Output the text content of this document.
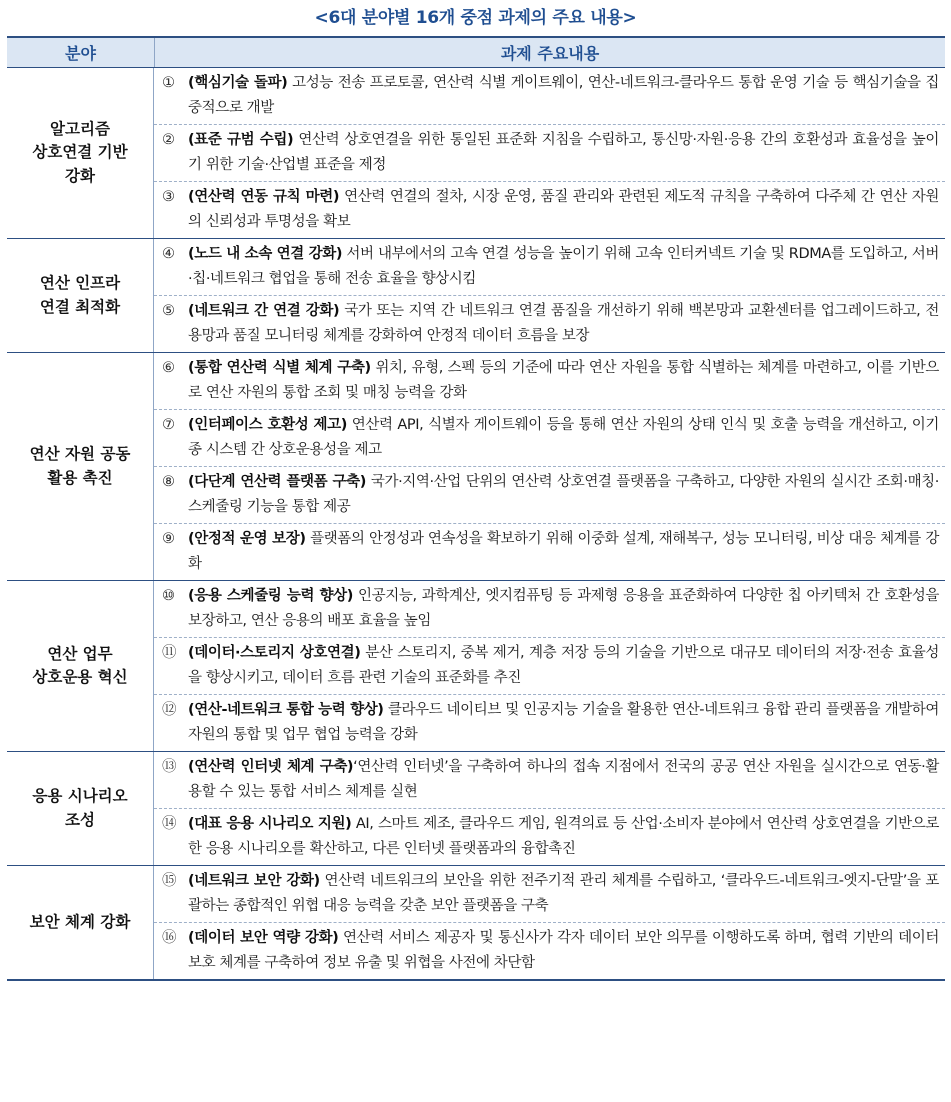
<6대 분야별 16개 중점 과제의 주요 내용>
분야	과제 주요내용
알고리즘
상호연결 기반
강화
① (핵심기술 돌파) 고성능 전송 프로토콜, 연산력 식별 게이트웨이, 연산-네트워크-클라우드 통합 운영 기술 등 핵심기술을 집중적으로 개발
② (표준 규범 수립) 연산력 상호연결을 위한 통일된 표준화 지침을 수립하고, 통신망·자원·응용 간의 호환성과 효율성을 높이기 위한 기술·산업별 표준을 제정
③ (연산력 연동 규칙 마련) 연산력 연결의 절차, 시장 운영, 품질 관리와 관련된 제도적 규칙을 구축하여 다주체 간 연산 자원의 신뢰성과 투명성을 확보
연산 인프라
연결 최적화
④ (노드 내 소속 연결 강화) 서버 내부에서의 고속 연결 성능을 높이기 위해 고속 인터커넥트 기술 및 RDMA를 도입하고, 서버·칩·네트워크 협업을 통해 전송 효율을 향상시킴
⑤ (네트워크 간 연결 강화) 국가 또는 지역 간 네트워크 연결 품질을 개선하기 위해 백본망과 교환센터를 업그레이드하고, 전용망과 품질 모니터링 체계를 강화하여 안정적 데이터 흐름을 보장
연산 자원 공동
활용 촉진
⑥ (통합 연산력 식별 체계 구축) 위치, 유형, 스펙 등의 기준에 따라 연산 자원을 통합 식별하는 체계를 마련하고, 이를 기반으로 연산 자원의 통합 조회 및 매칭 능력을 강화
⑦ (인터페이스 호환성 제고) 연산력 API, 식별자 게이트웨이 등을 통해 연산 자원의 상태 인식 및 호출 능력을 개선하고, 이기종 시스템 간 상호운용성을 제고
⑧ (다단계 연산력 플랫폼 구축) 국가·지역·산업 단위의 연산력 상호연결 플랫폼을 구축하고, 다양한 자원의 실시간 조회·매칭·스케줄링 기능을 통합 제공
⑨ (안정적 운영 보장) 플랫폼의 안정성과 연속성을 확보하기 위해 이중화 설계, 재해복구, 성능 모니터링, 비상 대응 체계를 강화
연산 업무
상호운용 혁신
⑩ (응용 스케줄링 능력 향상) 인공지능, 과학계산, 엣지컴퓨팅 등 과제형 응용을 표준화하여 다양한 칩 아키텍처 간 호환성을 보장하고, 연산 응용의 배포 효율을 높임
⑪ (데이터·스토리지 상호연결) 분산 스토리지, 중복 제거, 계층 저장 등의 기술을 기반으로 대규모 데이터의 저장·전송 효율성을 향상시키고, 데이터 흐름 관련 기술의 표준화를 추진
⑫ (연산-네트워크 통합 능력 향상) 클라우드 네이티브 및 인공지능 기술을 활용한 연산-네트워크 융합 관리 플랫폼을 개발하여 자원의 통합 및 업무 협업 능력을 강화
응용 시나리오
조성
⑬ (연산력 인터넷 체계 구축)‘연산력 인터넷’을 구축하여 하나의 접속 지점에서 전국의 공공 연산 자원을 실시간으로 연동·활용할 수 있는 통합 서비스 체계를 실현
⑭ (대표 응용 시나리오 지원) AI, 스마트 제조, 클라우드 게임, 원격의료 등 산업·소비자 분야에서 연산력 상호연결을 기반으로 한 응용 시나리오를 확산하고, 다른 인터넷 플랫폼과의 융합촉진
보안 체계 강화
⑮ (네트워크 보안 강화) 연산력 네트워크의 보안을 위한 전주기적 관리 체계를 수립하고, ‘클라우드-네트워크-엣지-단말’을 포괄하는 종합적인 위협 대응 능력을 갖춘 보안 플랫폼을 구축
⑯ (데이터 보안 역량 강화) 연산력 서비스 제공자 및 통신사가 각자 데이터 보안 의무를 이행하도록 하며, 협력 기반의 데이터 보호 체계를 구축하여 정보 유출 및 위협을 사전에 차단함
